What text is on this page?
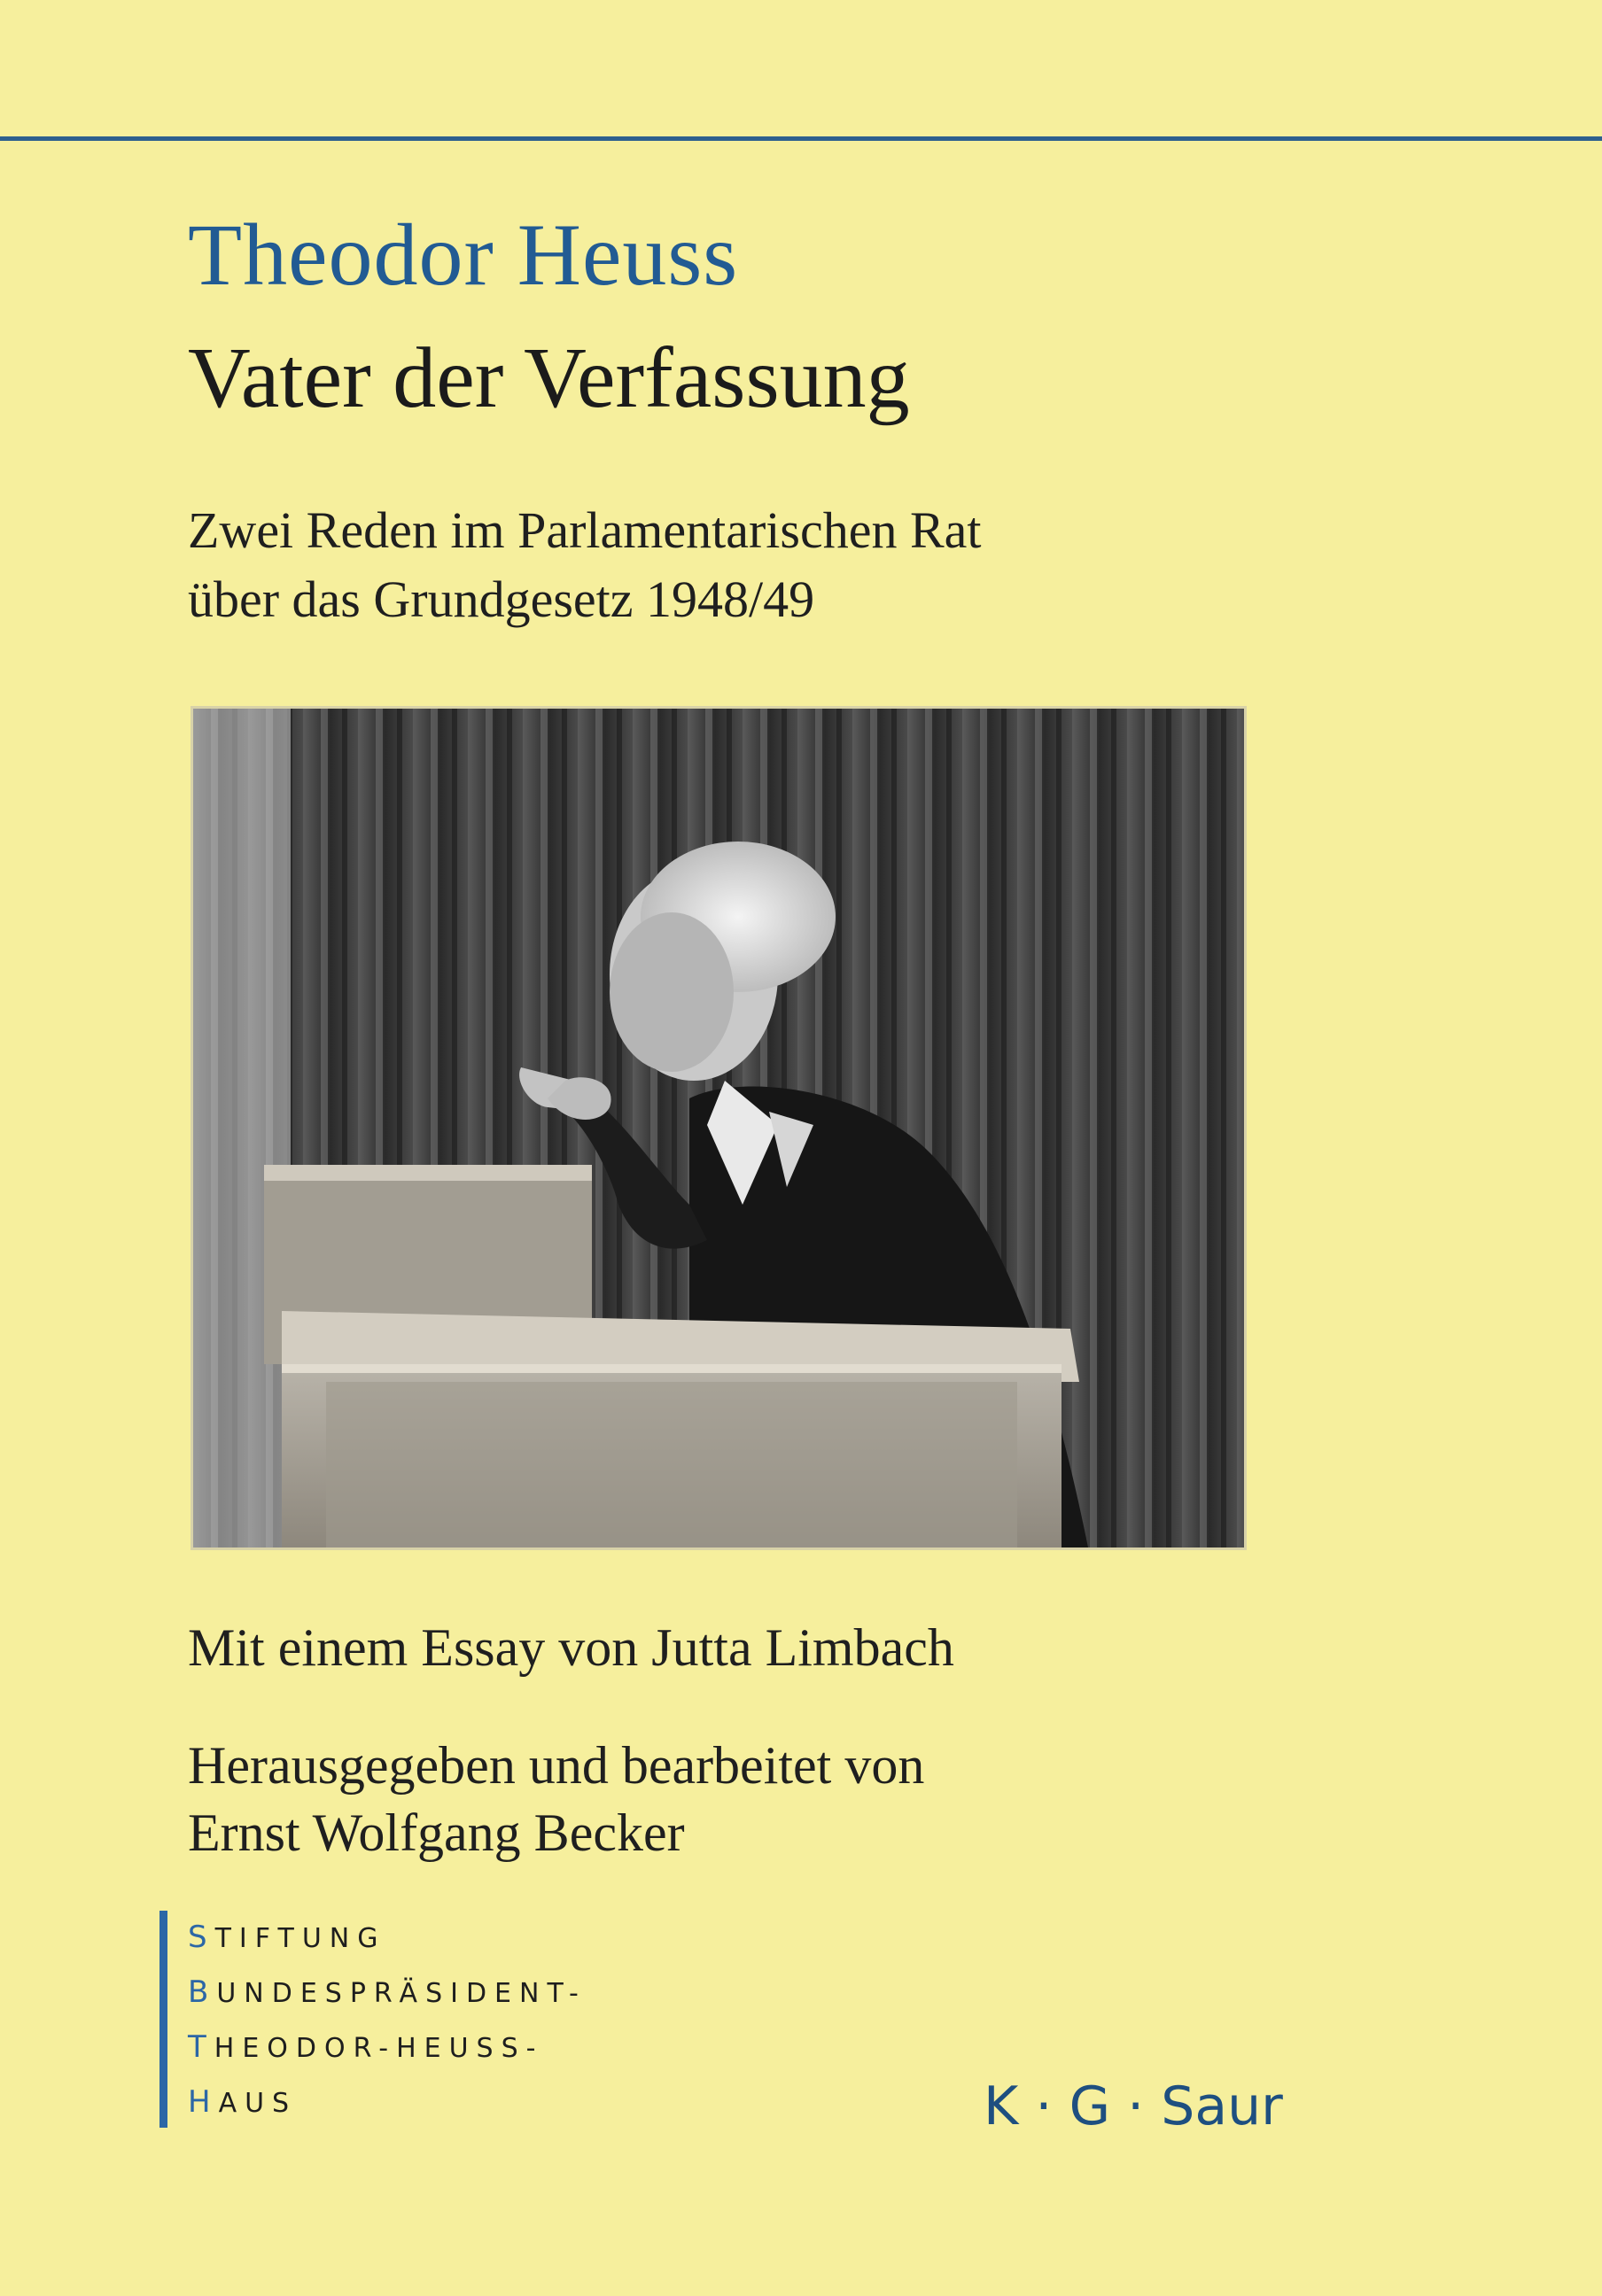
Theodor Heuss
Vater der Verfassung
Zwei Reden im Parlamentarischen Rat
über das Grundgesetz 1948/49
Mit einem Essay von Jutta Limbach
Herausgegeben und bearbeitet von
Ernst Wolfgang Becker
STIFTUNG
BUNDESPRÄSIDENT-
THEODOR-HEUSS-
HAUS	K · G · Saur
